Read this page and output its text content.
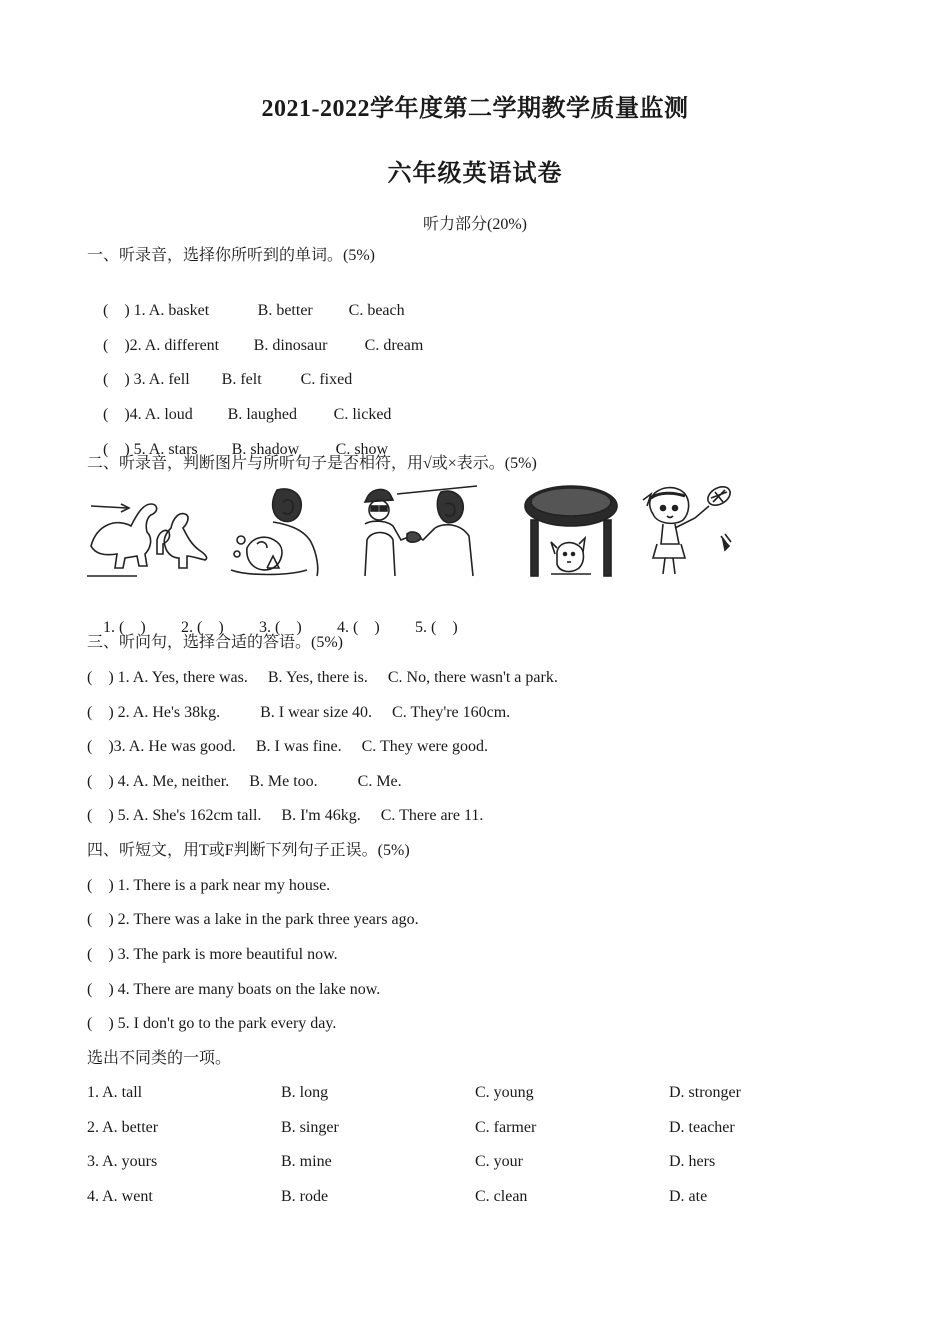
2021-2022学年度第二学期教学质量监测
六年级英语试卷
听力部分(20%)
一、听录音，选择你所听到的单词。(5%)

(    ) 1. A. basket	B. better C. beach

(    )2. A. different B. dinosaur C. dream

(    ) 3. A. fell B. felt C. fixed

(    )4. A. loud B. laughed C. licked

(    ) 5. A. stars B. shadow C. show

二、听录音，判断图片与所听句子是否相符，用√或×表示。(5%)

1. (    ) 2. (    ) 3. (    ) 4. (    ) 5. (    )

三、听问句，选择合适的答语。(5%)
(    ) 1. A. Yes, there was.     B. Yes, there is.     C. No, there wasn't a park.
(    ) 2. A. He's 38kg.          B. I wear size 40.     C. They're 160cm.
(    )3. A. He was good.     B. I was fine.     C. They were good.
(    ) 4. A. Me, neither.     B. Me too.          C. Me.
(    ) 5. A. She's 162cm tall.     B. I'm 46kg.     C. There are 11.
四、听短文，用T或F判断下列句子正误。(5%)
(    ) 1. There is a park near my house.
(    ) 2. There was a lake in the park three years ago.
(    ) 3. The park is more beautiful now.
(    ) 4. There are many boats on the lake now.
(    ) 5. I don't go to the park every day.
选出不同类的一项。
1. A. tall	B. long	C. young	D. stronger
2. A. better	B. singer	C. farmer	D. teacher
3. A. yours	B. mine	C. your	D. hers
4. A. went	B. rode	C. clean	D. ate
